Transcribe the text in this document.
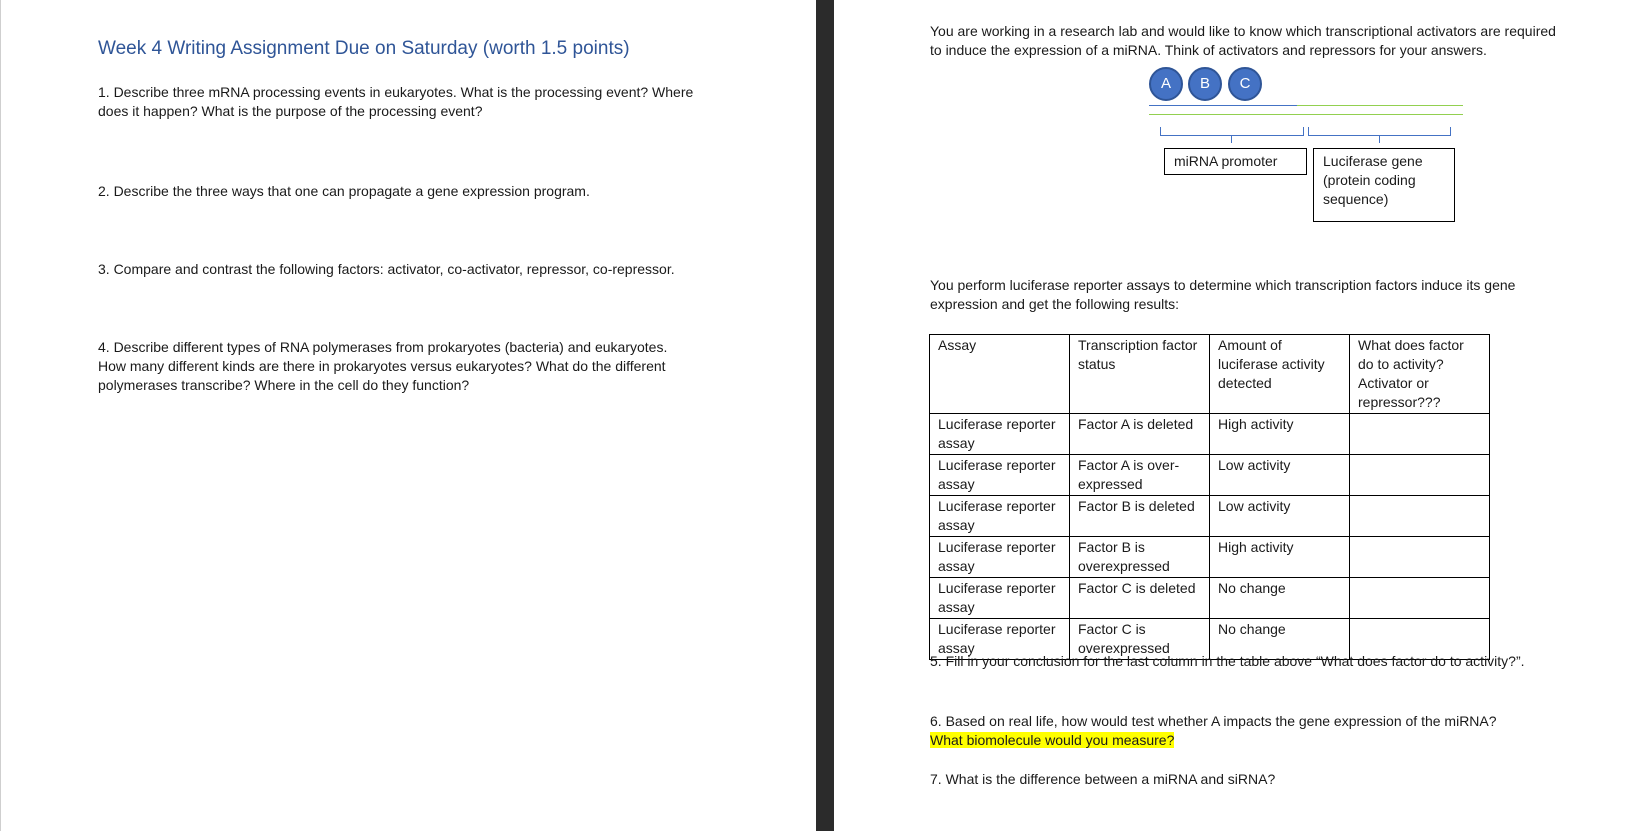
Week 4 Writing Assignment Due on Saturday (worth 1.5 points)

1. Describe three mRNA processing events in eukaryotes. What is the processing event? Where does it happen? What is the purpose of the processing event?

2. Describe the three ways that one can propagate a gene expression program.

3. Compare and contrast the following factors: activator, co-activator, repressor, co-repressor.

4. Describe different types of RNA polymerases from prokaryotes (bacteria) and eukaryotes. How many different kinds are there in prokaryotes versus eukaryotes? What do the different polymerases transcribe? Where in the cell do they function?

You are working in a research lab and would like to know which transcriptional activators are required to induce the expression of a miRNA. Think of activators and repressors for your answers.

A	B	C
miRNA promoter	Luciferase gene (protein coding sequence)

You perform luciferase reporter assays to determine which transcription factors induce its gene expression and get the following results:

Assay	Transcription factor status	Amount of luciferase activity detected	What does factor do to activity? Activator or repressor???
Luciferase reporter assay	Factor A is deleted	High activity	
Luciferase reporter assay	Factor A is over-expressed	Low activity	
Luciferase reporter assay	Factor B is deleted	Low activity	
Luciferase reporter assay	Factor B is overexpressed	High activity	
Luciferase reporter assay	Factor C is deleted	No change	
Luciferase reporter assay	Factor C is overexpressed	No change	

5. Fill in your conclusion for the last column in the table above “What does factor do to activity?”.

6. Based on real life, how would test whether A impacts the gene expression of the miRNA?
What biomolecule would you measure?

7. What is the difference between a miRNA and siRNA?
